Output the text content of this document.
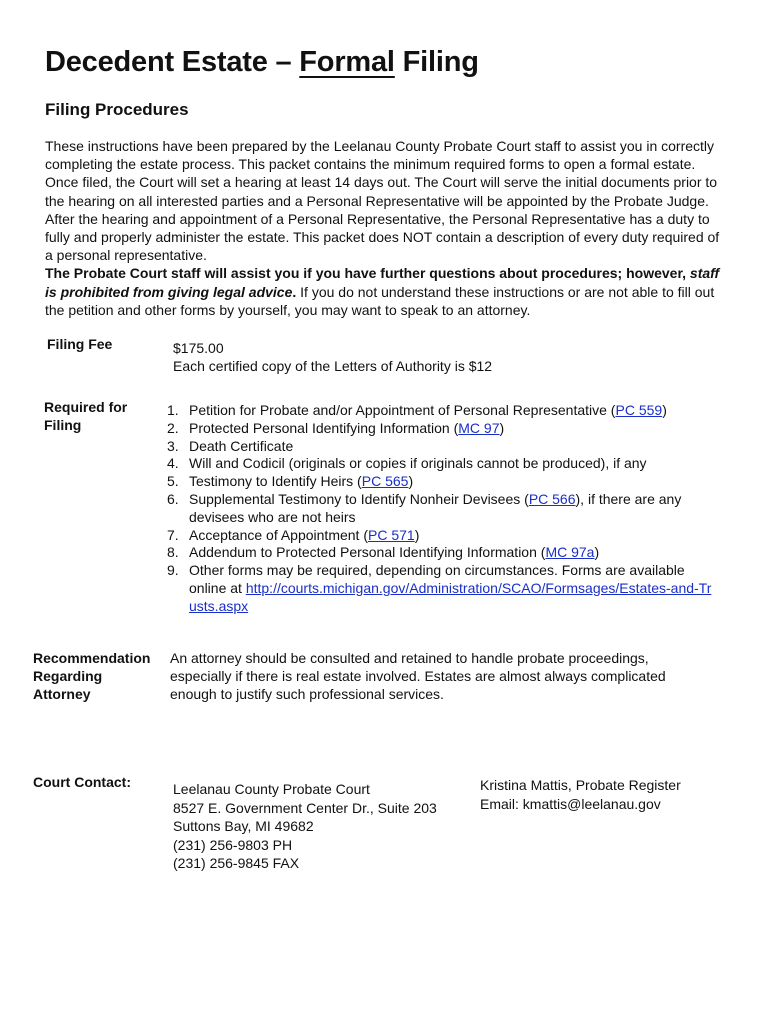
Decedent Estate – Formal Filing
Filing Procedures
These instructions have been prepared by the Leelanau County Probate Court staff to assist you in correctly completing the estate process. This packet contains the minimum required forms to open a formal estate. Once filed, the Court will set a hearing at least 14 days out. The Court will serve the initial documents prior to the hearing on all interested parties and a Personal Representative will be appointed by the Probate Judge. After the hearing and appointment of a Personal Representative, the Personal Representative has a duty to fully and properly administer the estate. This packet does NOT contain a description of every duty required of a personal representative.
The Probate Court staff will assist you if you have further questions about procedures; however, staff is prohibited from giving legal advice. If you do not understand these instructions or are not able to fill out the petition and other forms by yourself, you may want to speak to an attorney.
Filing Fee	$175.00
Each certified copy of the Letters of Authority is $12
Required for
Filing
1. Petition for Probate and/or Appointment of Personal Representative (PC 559)
2. Protected Personal Identifying Information (MC 97)
3. Death Certificate
4. Will and Codicil (originals or copies if originals cannot be produced), if any
5. Testimony to Identify Heirs (PC 565)
6. Supplemental Testimony to Identify Nonheir Devisees (PC 566), if there are any devisees who are not heirs
7. Acceptance of Appointment (PC 571)
8. Addendum to Protected Personal Identifying Information (MC 97a)
9. Other forms may be required, depending on circumstances. Forms are available online at http://courts.michigan.gov/Administration/SCAO/Formsages/Estates-and-Trusts.aspx
Recommendation
Regarding
Attorney
An attorney should be consulted and retained to handle probate proceedings, especially if there is real estate involved. Estates are almost always complicated enough to justify such professional services.
Court Contact:	Leelanau County Probate Court
8527 E. Government Center Dr., Suite 203
Suttons Bay, MI 49682
(231) 256-9803 PH
(231) 256-9845 FAX
Kristina Mattis, Probate Register
Email: kmattis@leelanau.gov
